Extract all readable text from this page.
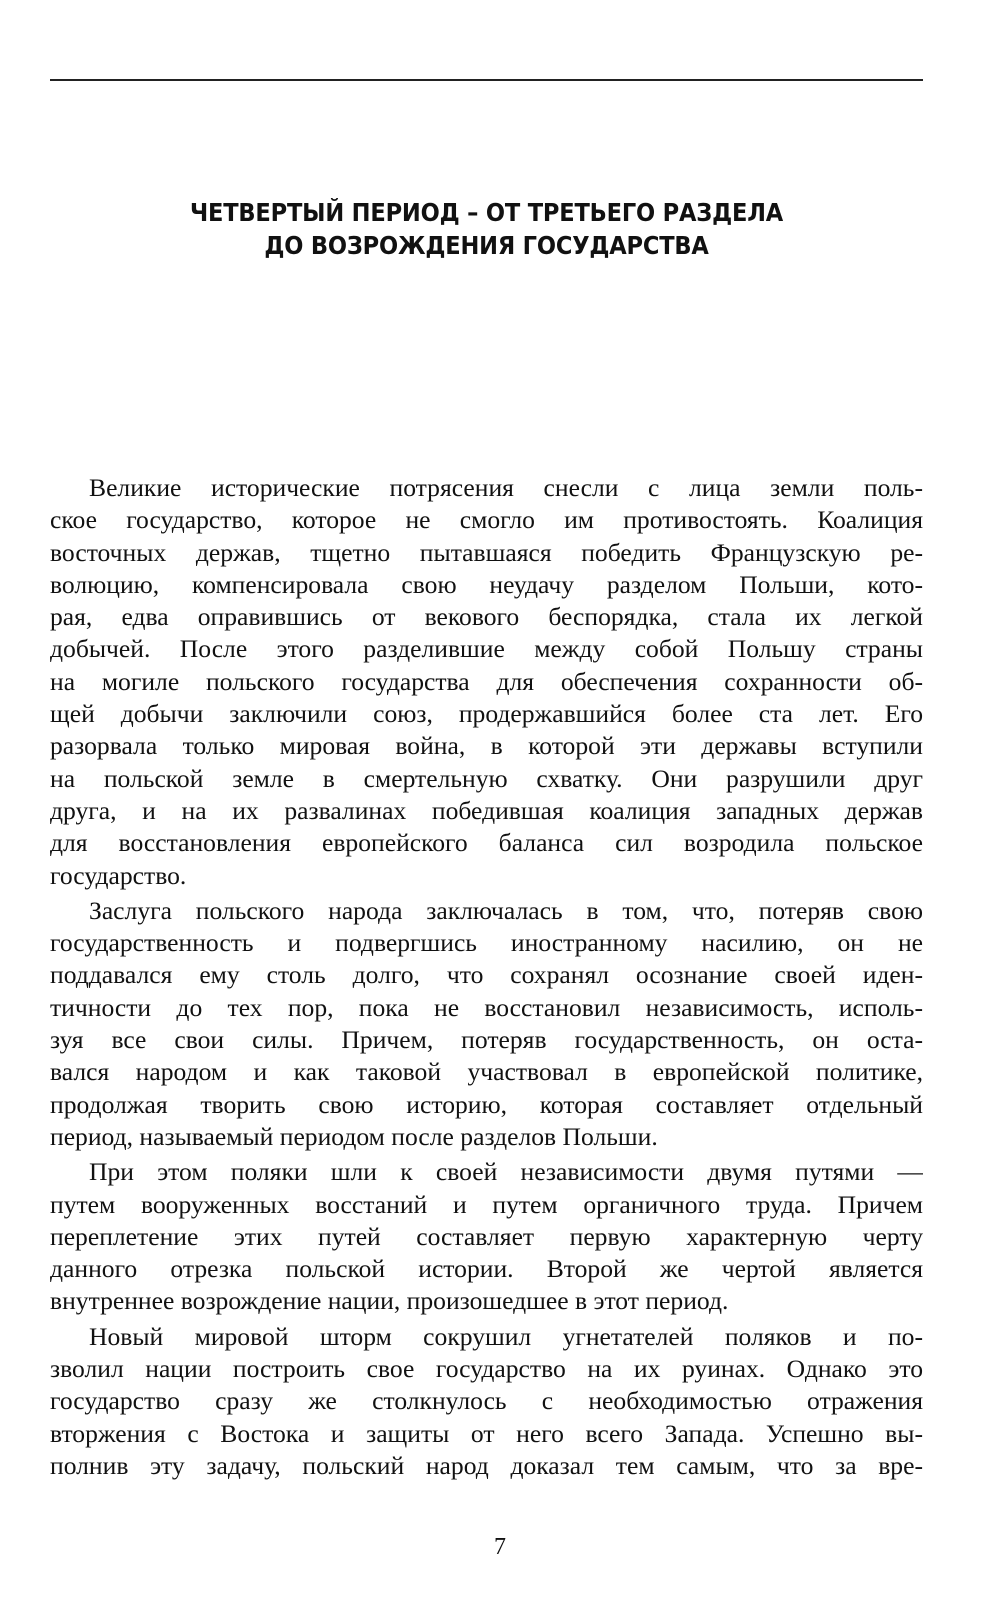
ЧЕТВЕРТЫЙ ПЕРИОД – ОТ ТРЕТЬЕГО РАЗДЕЛА
ДО ВОЗРОЖДЕНИЯ ГОСУДАРСТВА
Великие исторические потрясения снесли с лица земли поль-
ское государство, которое не смогло им противостоять. Коалиция
восточных держав, тщетно пытавшаяся победить Французскую ре-
волюцию, компенсировала свою неудачу разделом Польши, кото-
рая, едва оправившись от векового беспорядка, стала их легкой
добычей. После этого разделившие между собой Польшу страны
на могиле польского государства для обеспечения сохранности об-
щей добычи заключили союз, продержавшийся более ста лет. Его
разорвала только мировая война, в которой эти державы вступили
на польской земле в смертельную схватку. Они разрушили друг
друга, и на их развалинах победившая коалиция западных держав
для восстановления европейского баланса сил возродила польское
государство.
Заслуга польского народа заключалась в том, что, потеряв свою
государственность и подвергшись иностранному насилию, он не
поддавался ему столь долго, что сохранял осознание своей иден-
тичности до тех пор, пока не восстановил независимость, исполь-
зуя все свои силы. Причем, потеряв государственность, он оста-
вался народом и как таковой участвовал в европейской политике,
продолжая творить свою историю, которая составляет отдельный
период, называемый периодом после разделов Польши.
При этом поляки шли к своей независимости двумя путями —
путем вооруженных восстаний и путем органичного труда. Причем
переплетение этих путей составляет первую характерную черту
данного отрезка польской истории. Второй же чертой является
внутреннее возрождение нации, произошедшее в этот период.
Новый мировой шторм сокрушил угнетателей поляков и по-
зволил нации построить свое государство на их руинах. Однако это
государство сразу же столкнулось с необходимостью отражения
вторжения с Востока и защиты от него всего Запада. Успешно вы-
полнив эту задачу, польский народ доказал тем самым, что за вре-
7
